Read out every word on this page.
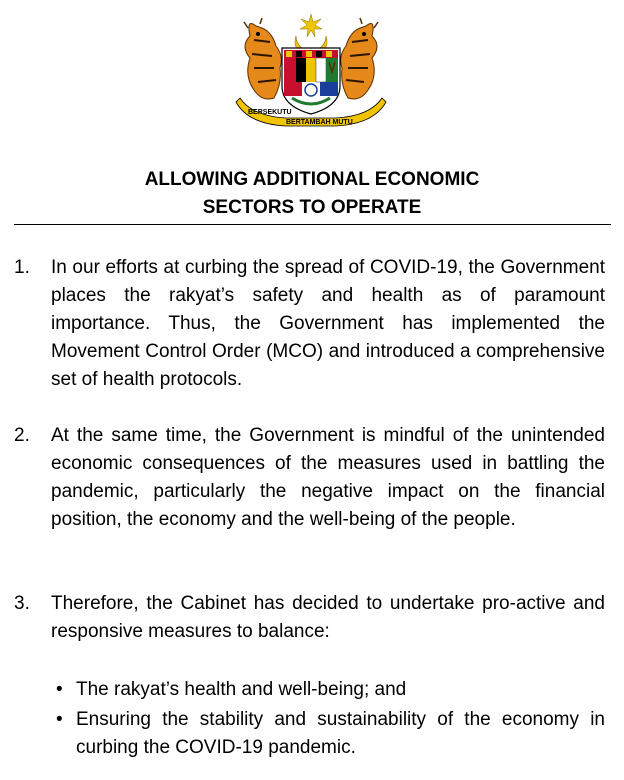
BERSEKUTU
BERTAMBAH MUTU
ALLOWING ADDITIONAL ECONOMIC
SECTORS TO OPERATE
1. In our efforts at curbing the spread of COVID-19, the Government places the rakyat’s safety and health as of paramount importance. Thus, the Government has implemented the Movement Control Order (MCO) and introduced a comprehensive set of health protocols.
2. At the same time, the Government is mindful of the unintended economic consequences of the measures used in battling the pandemic, particularly the negative impact on the financial position, the economy and the well-being of the people.
3. Therefore, the Cabinet has decided to undertake pro-active and responsive measures to balance:
• The rakyat’s health and well-being; and
• Ensuring the stability and sustainability of the economy in curbing the COVID-19 pandemic.
